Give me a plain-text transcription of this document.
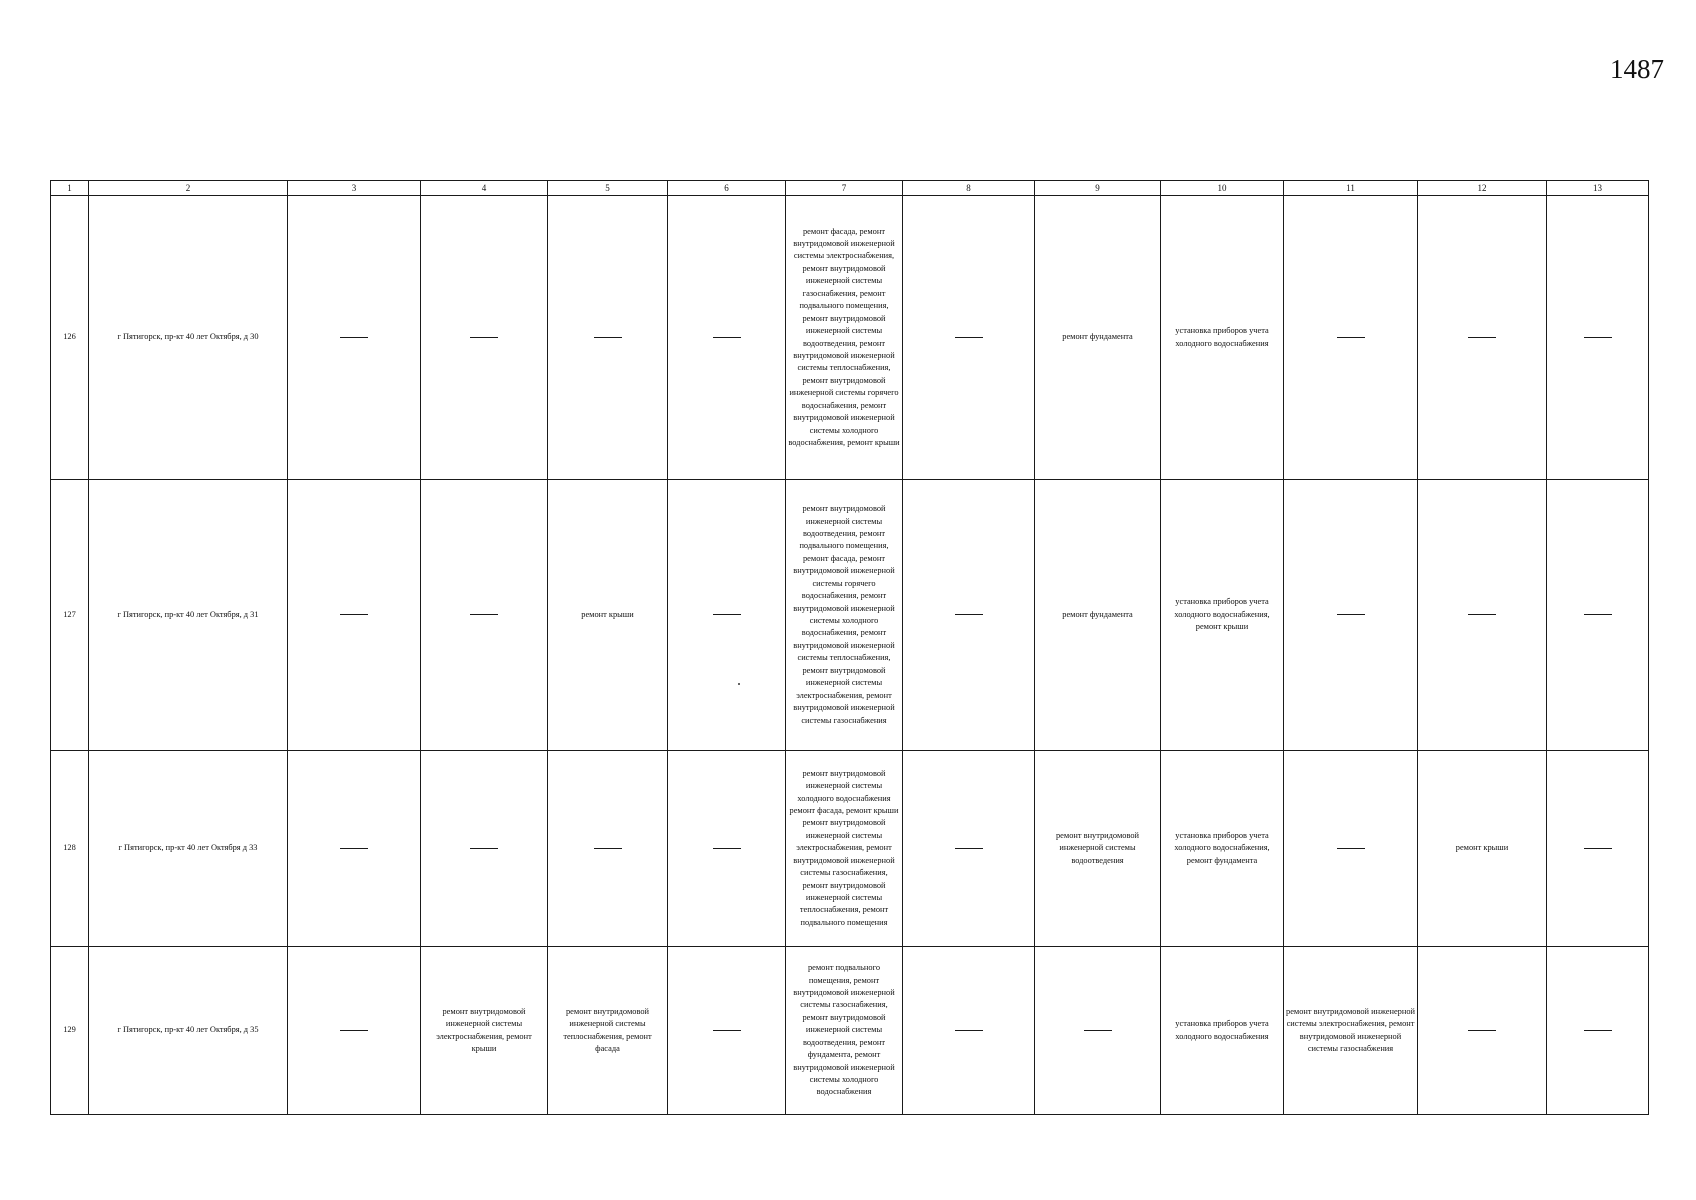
1487
1	2	3	4	5	6	7	8	9	10	11	12	13
126	г Пятигорск, пр-кт 40 лет Октября, д 30					ремонт фасада, ремонт внутридомовой инженерной системы электроснабжения, ремонт внутридомовой инженерной системы газоснабжения, ремонт подвального помещения, ремонт внутридомовой инженерной системы водоотведения, ремонт внутридомовой инженерной системы теплоснабжения, ремонт внутридомовой инженерной системы горячего водоснабжения, ремонт внутридомовой инженерной системы холодного водоснабжения, ремонт крыши		ремонт фундамента	установка приборов учета холодного водоснабжения			
127	г Пятигорск, пр-кт 40 лет Октября, д 31			ремонт крыши		ремонт внутридомовой инженерной системы водоотведения, ремонт подвального помещения, ремонт фасада, ремонт внутридомовой инженерной системы горячего водоснабжения, ремонт внутридомовой инженерной системы холодного водоснабжения, ремонт внутридомовой инженерной системы теплоснабжения, ремонт внутридомовой инженерной системы электроснабжения, ремонт внутридомовой инженерной системы газоснабжения		ремонт фундамента	установка приборов учета холодного водоснабжения, ремонт крыши			
128	г Пятигорск, пр-кт 40 лет Октября д 33					ремонт внутридомовой инженерной системы холодного водоснабжения ремонт фасада, ремонт крыши ремонт внутридомовой инженерной системы электроснабжения, ремонт внутридомовой инженерной системы газоснабжения, ремонт внутридомовой инженерной системы теплоснабжения, ремонт подвального помещения		ремонт внутридомовой инженерной системы водоотведения	установка приборов учета холодного водоснабжения, ремонт фундамента		ремонт крыши	
129	г Пятигорск, пр-кт 40 лет Октября, д 35		ремонт внутридомовой инженерной системы электроснабжения, ремонт крыши	ремонт внутридомовой инженерной системы теплоснабжения, ремонт фасада		ремонт подвального помещения, ремонт внутридомовой инженерной системы газоснабжения, ремонт внутридомовой инженерной системы водоотведения, ремонт фундамента, ремонт внутридомовой инженерной системы холодного водоснабжения			установка приборов учета холодного водоснабжения	ремонт внутридомовой инженерной системы электроснабжения, ремонт внутридомовой инженерной системы газоснабжения		
